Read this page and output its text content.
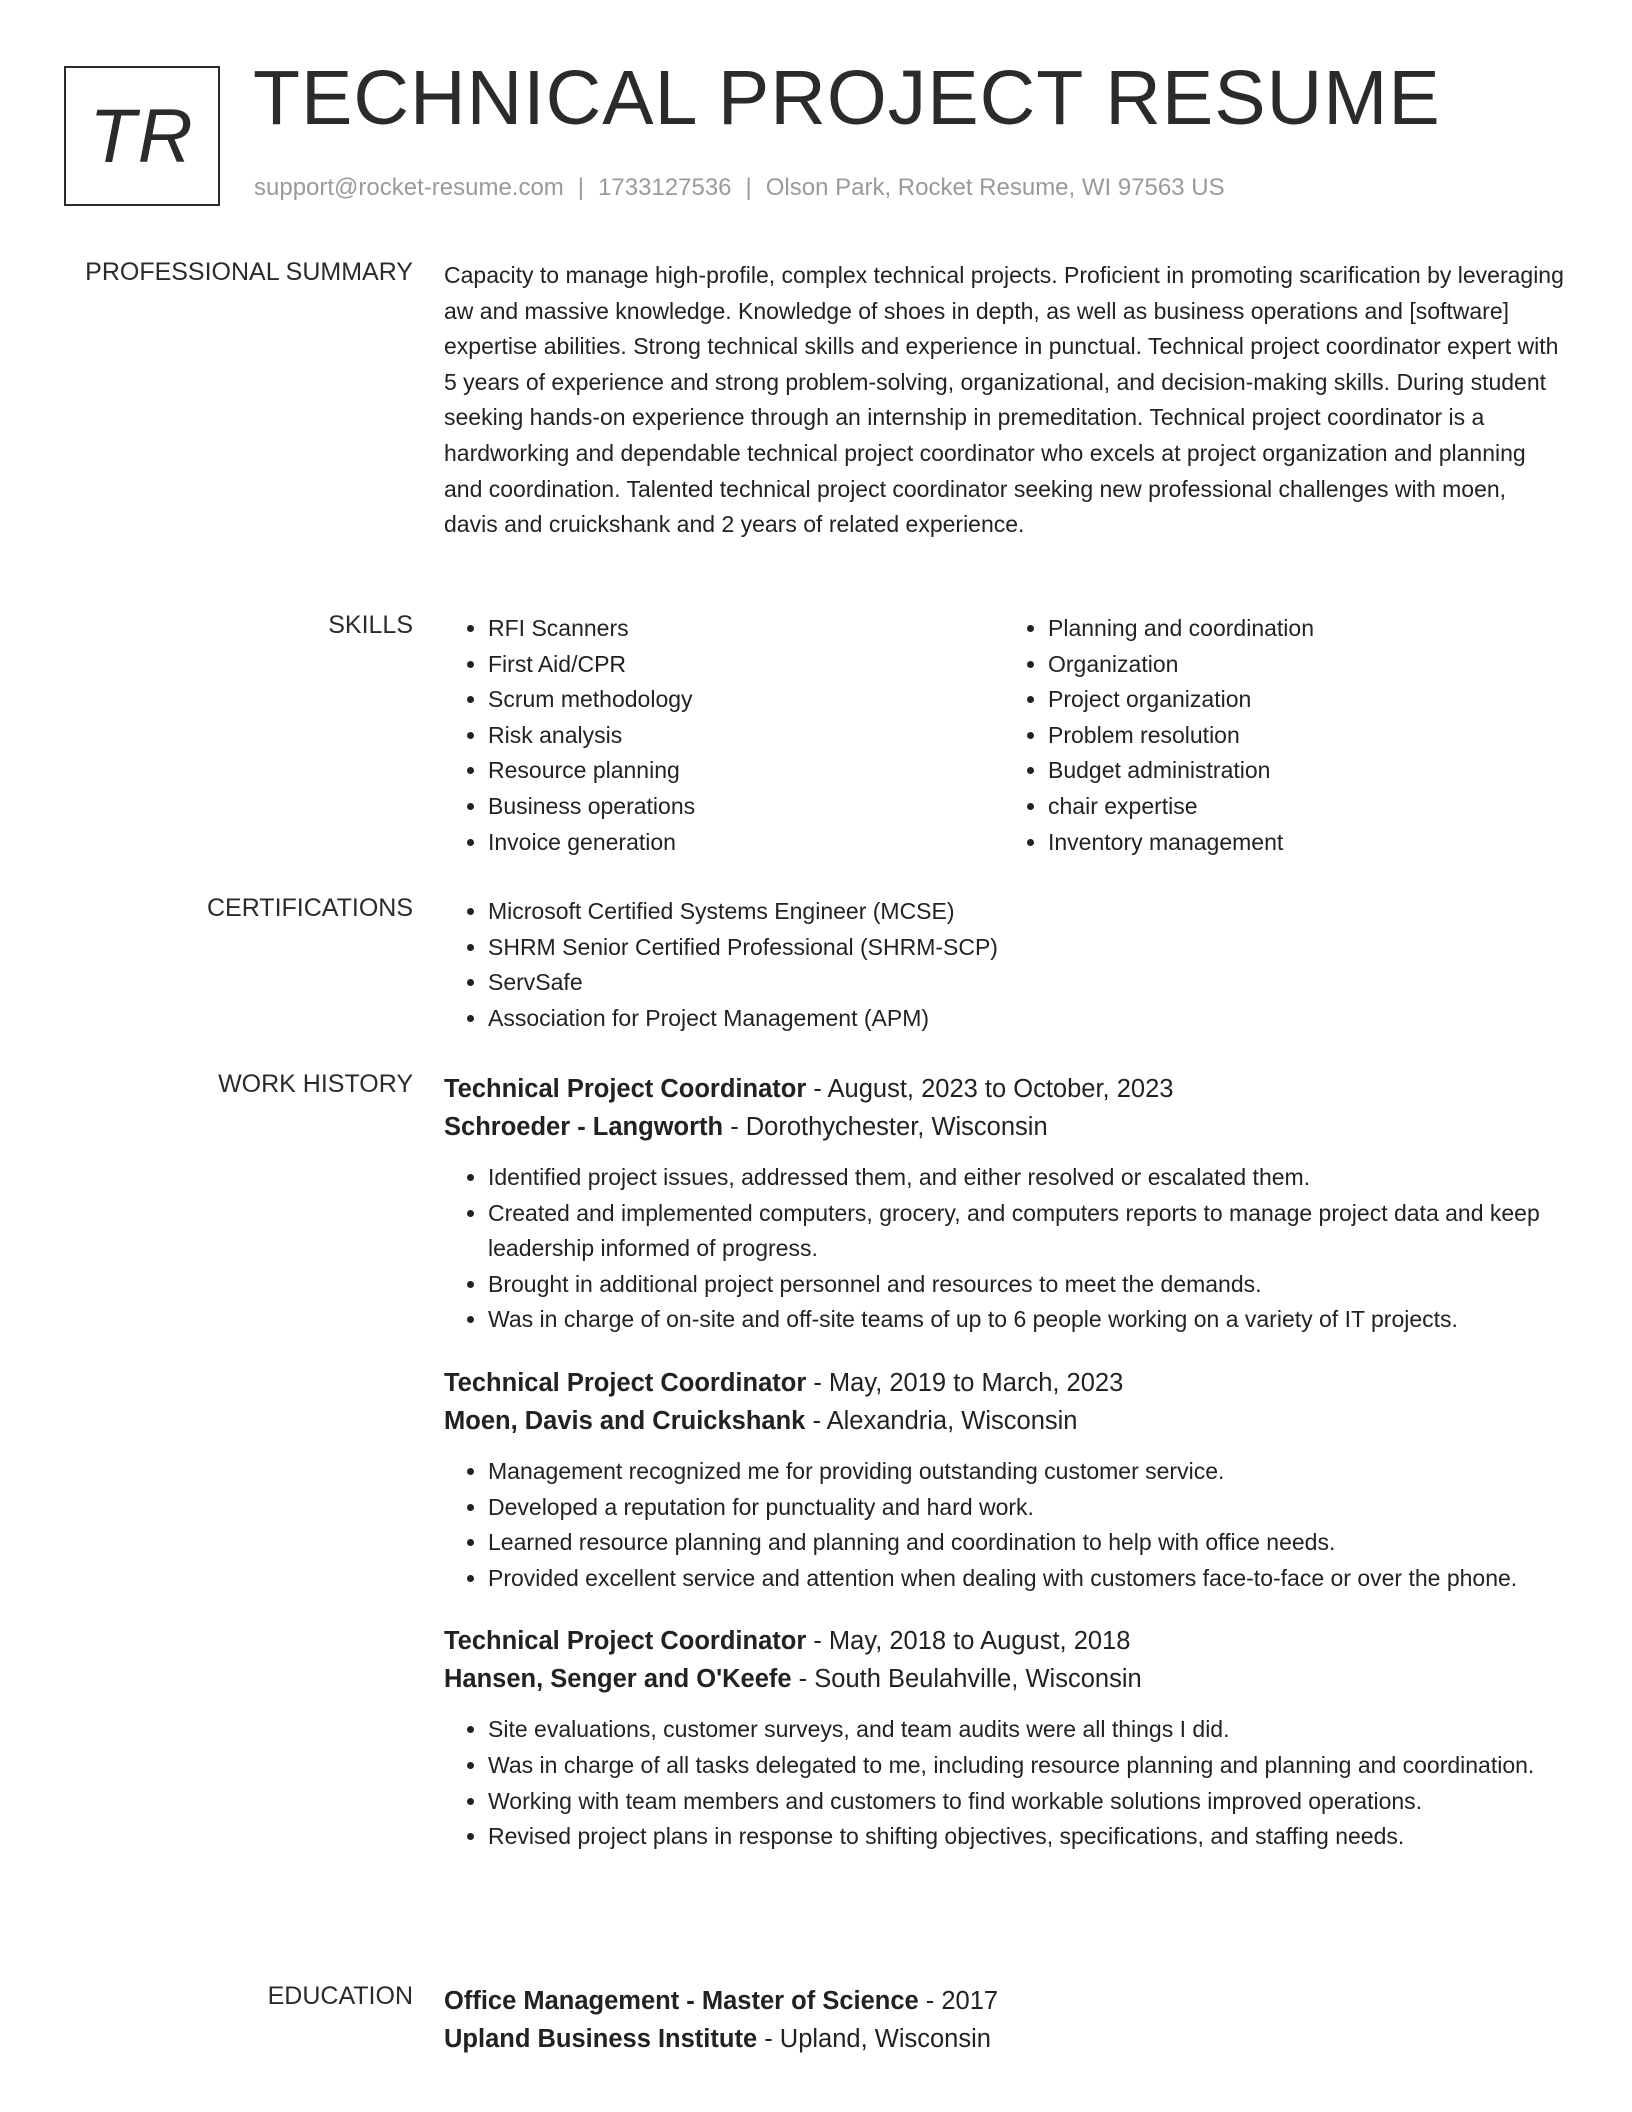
TR TECHNICAL PROJECT RESUME
support@rocket-resume.com | 1733127536 | Olson Park, Rocket Resume, WI 97563 US
PROFESSIONAL SUMMARY Capacity to manage high-profile, complex technical projects. Proficient in promoting scarification by leveraging aw and massive knowledge. Knowledge of shoes in depth, as well as business operations and [software] expertise abilities. Strong technical skills and experience in punctual. Technical project coordinator expert with 5 years of experience and strong problem-solving, organizational, and decision-making skills. During student seeking hands-on experience through an internship in premeditation. Technical project coordinator is a hardworking and dependable technical project coordinator who excels at project organization and planning and coordination. Talented technical project coordinator seeking new professional challenges with moen, davis and cruickshank and 2 years of related experience.
SKILLS	• RFI Scanners
• First Aid/CPR
• Scrum methodology
• Risk analysis
• Resource planning
• Business operations
• Invoice generation
• Planning and coordination
• Organization
• Project organization
• Problem resolution
• Budget administration
• chair expertise
• Inventory management
CERTIFICATIONS	• Microsoft Certified Systems Engineer (MCSE)
• SHRM Senior Certified Professional (SHRM-SCP)
• ServSafe
• Association for Project Management (APM)
WORK HISTORY Technical Project Coordinator - August, 2023 to October, 2023
Schroeder - Langworth - Dorothychester, Wisconsin
• Identified project issues, addressed them, and either resolved or escalated them.
• Created and implemented computers, grocery, and computers reports to manage project data and keep leadership informed of progress.
• Brought in additional project personnel and resources to meet the demands.
• Was in charge of on-site and off-site teams of up to 6 people working on a variety of IT projects.
Technical Project Coordinator - May, 2019 to March, 2023
Moen, Davis and Cruickshank - Alexandria, Wisconsin
• Management recognized me for providing outstanding customer service.
• Developed a reputation for punctuality and hard work.
• Learned resource planning and planning and coordination to help with office needs.
• Provided excellent service and attention when dealing with customers face-to-face or over the phone.
Technical Project Coordinator - May, 2018 to August, 2018
Hansen, Senger and O'Keefe - South Beulahville, Wisconsin
• Site evaluations, customer surveys, and team audits were all things I did.
• Was in charge of all tasks delegated to me, including resource planning and planning and coordination.
• Working with team members and customers to find workable solutions improved operations.
• Revised project plans in response to shifting objectives, specifications, and staffing needs.
EDUCATION Office Management - Master of Science - 2017
Upland Business Institute - Upland, Wisconsin
